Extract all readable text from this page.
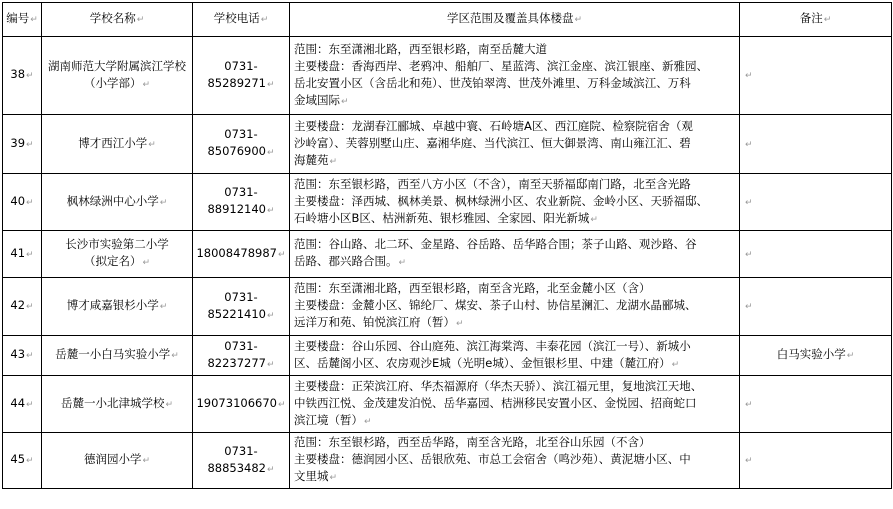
编号↵	学校名称↵	学校电话↵	学区范围及覆盖具体楼盘↵	备注↵
38↵	湖南师范大学附属滨江学校
（小学部）↵	0731-85289271↵	范围：东至潇湘北路，西至银杉路，南至岳麓大道
主要楼盘：香海西岸、老鸦冲、船舶厂、星蓝湾、滨江金座、滨江银座、新雅园、
岳北安置小区（含岳北和苑）、世茂铂翠湾、世茂外滩里、万科金域滨江、万科
金域国际↵	↵
39↵	博才西江小学↵	0731-85076900↵	主要楼盘：龙湖春江郦城、卓越中寰、石岭塘A区、西江庭院、检察院宿舍（观
沙岭富）、芙蓉别墅山庄、嘉湘华庭、当代滨江、恒大御景湾、南山雍江汇、碧
海麓苑↵	↵
40↵	枫林绿洲中心小学↵	0731-88912140↵	范围：东至银杉路，西至八方小区（不含），南至天骄福邸南门路，北至含光路
主要楼盘：泽西城、枫林美景、枫林绿洲小区、农业新院、金岭小区、天骄福邸、
石岭塘小区B区、枯洲新苑、银杉雅园、全家园、阳光新城↵	↵
41↵	长沙市实验第二小学
（拟定名）↵	18008478987↵	范围：谷山路、北二环、金星路、谷岳路、岳华路合围；茶子山路、观沙路、谷
岳路、郡兴路合围。↵	↵
42↵	博才咸嘉银杉小学↵	0731-85221410↵	范围：东至潇湘北路，西至银杉路，南至含光路，北至金麓小区（含）
主要楼盘：金麓小区、锦纶厂、煤安、茶子山村、协信星澜汇、龙湖水晶郦城、
远洋万和苑、铂悦滨江府（暂）↵	↵
43↵	岳麓一小白马实验小学↵	0731-82237277↵	主要楼盘：谷山乐园、谷山庭苑、滨江海棠湾、丰泰花园（滨江一号）、新城小
区、岳麓阁小区、农房观沙E城（光明e城）、金恒银杉里、中建（麓江府）↵	白马实验小学↵
44↵	岳麓一小北津城学校↵	19073106670↵	主要楼盘：正荣滨江府、华杰福源府（华杰天骄）、滨江福元里，复地滨江天地、
中铁西江悦、金茂建发泊悦、岳华嘉园、桔洲移民安置小区、金悦园、招商蛇口
滨江境（暂）↵	↵
45↵	德润园小学↵	0731-88853482↵	范围：东至银杉路，西至岳华路，南至含光路，北至谷山乐园（不含）
主要楼盘：德润园小区、岳银欣苑、市总工会宿舍（鸣沙苑）、黄泥塘小区、中
文里城↵	↵
